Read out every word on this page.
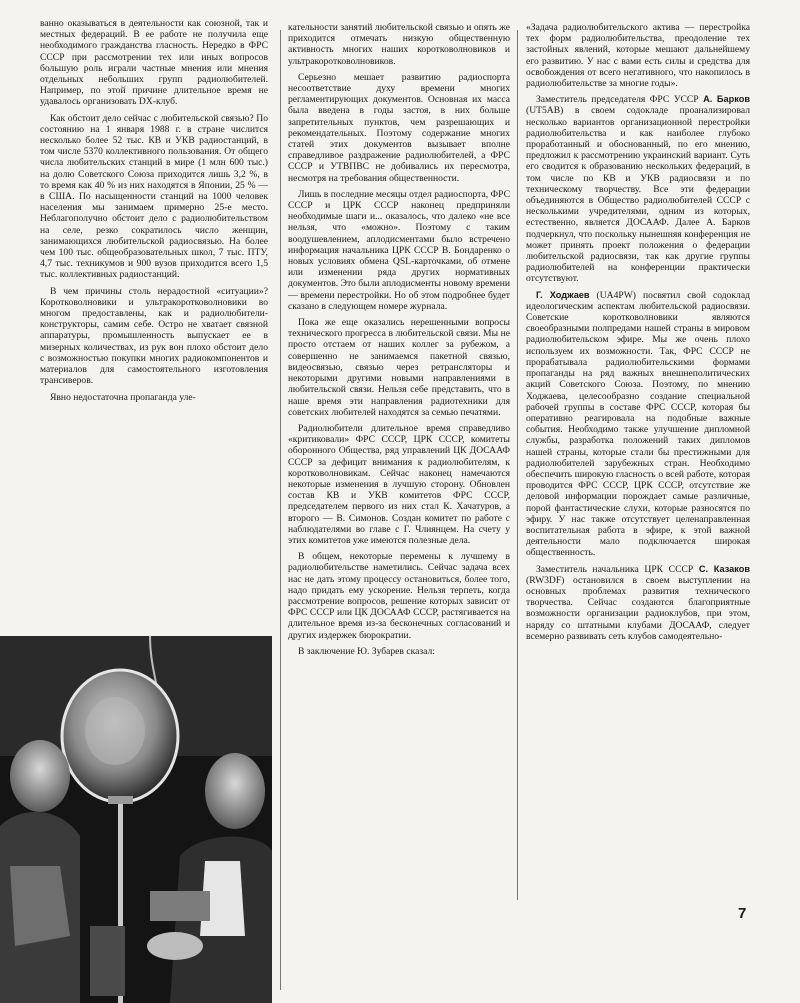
ванно оказываться в деятельности как союзной, так и местных федераций. В ее работе не получила еще необходимого гражданства гласность. Нередко в ФРС СССР при рассмотрении тех или иных вопросов большую роль играли частные мнения или мнения отдельных небольших групп радиолюбителей. Например, по этой причине длительное время не удавалось организовать DX-клуб.

Как обстоит дело сейчас с любительской связью? По состоянию на 1 января 1988 г. в стране числится несколько более 52 тыс. КВ и УКВ радиостанций, в том числе 5370 коллективного пользования. От общего числа любительских станций в мире (1 млн 600 тыс.) на долю Советского Союза приходится лишь 3,2 %, в то время как 40 % из них находятся в Японии, 25 % — в США. По насыщенности станций на 1000 человек населения мы занимаем примерно 25-е место. Неблагополучно обстоит дело с радиолюбительством на селе, резко сократилось число женщин, занимающихся любительской радиосвязью. На более чем 100 тыс. общеобразовательных школ, 7 тыс. ПТУ, 4,7 тыс. техникумов и 900 вузов приходится всего 1,5 тыс. коллективных радиостанций.

В чем причины столь нерадостной «ситуации»? Коротковолновики и ультракоротковолновики во многом предоставлены, как и радиолюбители-конструкторы, самим себе. Остро не хватает связной аппаратуры, промышленность выпускает ее в мизерных количествах, из рук вон плохо обстоит дело с возможностью покупки многих радиокомпонентов и материалов для самостоятельного изготовления трансиверов.

Явно недостаточна пропаганда уле-

кательности занятий любительской связью и опять же приходится отмечать низкую общественную активность многих наших коротковолновиков и ультракоротковолновиков.

Серьезно мешает развитию радиоспорта несоответствие духу времени многих регламентирующих документов. Основная их масса была введена в годы застоя, в них больше запретительных пунктов, чем разрешающих и рекомендательных. Поэтому содержание многих статей этих документов вызывает вполне справедливое раздражение радиолюбителей, а ФРС СССР и УТВПВС не добивались их пересмотра, несмотря на требования общественности.

Лишь в последние месяцы отдел радиоспорта, ФРС СССР и ЦРК СССР наконец предприняли необходимые шаги и... оказалось, что далеко «не все нельзя, что «можно». Поэтому с таким воодушевлением, аплодисментами было встречено информация начальника ЦРК СССР В. Бондаренко о новых условиях обмена QSL-карточками, об отмене или изменении ряда других нормативных документов. Это были аплодисменты новому времени — времени перестройки. Но об этом подробнее будет сказано в следующем номере журнала.

Пока же еще оказались нерешенными вопросы технического прогресса в любительской связи. Мы не просто отстаем от наших коллег за рубежом, а совершенно не занимаемся пакетной связью, видеосвязью, связью через ретрансляторы и некоторыми другими новыми направлениями в любительской связи. Нельзя себе представить, что в наше время эти направления радиотехники для советских любителей находятся за семью печатями.

Радиолюбители длительное время справедливо «критиковали» ФРС СССР, ЦРК СССР, комитеты оборонного Общества, ряд управлений ЦК ДОСААФ СССР за дефицит внимания к радиолюбителям, к коротковолновикам. Сейчас наконец намечаются некоторые изменения в лучшую сторону. Обновлен состав КВ и УКВ комитетов ФРС СССР, председателем первого из них стал К. Хачатуров, а второго — В. Симонов. Создан комитет по работе с наблюдателями во главе с Г. Члиянцем. На счету у этих комитетов уже имеются полезные дела.

В общем, некоторые перемены к лучшему в радиолюбительстве наметились. Сейчас задача всех нас не дать этому процессу остановиться, более того, надо придать ему ускорение. Нельзя терпеть, когда рассмотрение вопросов, решение которых зависит от ФРС СССР или ЦК ДОСААФ СССР, растягивается на длительное время из-за бесконечных согласований и других издержек бюрократии.

В заключение Ю. Зубарев сказал:

«Задача радиолюбительского актива — перестройка тех форм радиолюбительства, преодоление тех застойных явлений, которые мешают дальнейшему его развитию. У нас с вами есть силы и средства для освобождения от всего негативного, что накопилось в радиолюбительстве за многие годы».

Заместитель председателя ФРС УССР А. Барков (UT5AB) в своем содокладе проанализировал несколько вариантов организационной перестройки радиолюбительства и как наиболее глубоко проработанный и обоснованный, по его мнению, предложил к рассмотрению украинский вариант. Суть его сводится к образованию нескольких федераций, в том числе по КВ и УКВ радиосвязи и по техническому творчеству. Все эти федерации объединяются в Общество радиолюбителей СССР с несколькими учредителями, одним из которых, естественно, является ДОСААФ. Далее А. Барков подчеркнул, что поскольку нынешняя конференция не может принять проект положения о федерации любительской радиосвязи, так как другие группы радиолюбителей на конференции практически отсутствуют.

Г. Ходжаев (UA4PW) посвятил свой содоклад идеологическим аспектам любительской радиосвязи. Советские коротковолновики являются своеобразными полпредами нашей страны в мировом радиолюбительском эфире. Мы же очень плохо используем их возможности. Так, ФРС СССР не прорабатывала радиолюбительскими формами пропаганды на ряд важных внешнеполитических акций Советского Союза. Поэтому, по мнению Ходжаева, целесообразно создание специальной рабочей группы в составе ФРС СССР, которая бы оперативно реагировала на подобные важные события. Необходимо также улучшение дипломной службы, разработка положений таких дипломов нашей страны, которые стали бы престижными для радиолюбителей зарубежных стран. Необходимо обеспечить широкую гласность о всей работе, которая проводится ФРС СССР, ЦРК СССР, отсутствие же деловой информации порождает самые различные, порой фантастические слухи, которые разносятся по эфиру. У нас также отсутствует целенаправленная воспитательная работа в эфире, к этой важной деятельности мало подключается широкая общественность.

Заместитель начальника ЦРК СССР С. Казаков (RW3DF) остановился в своем выступлении на основных проблемах развития технического творчества. Сейчас создаются благоприятные возможности организации радиоклубов, при этом, наряду со штатными клубами ДОСААФ, следует всемерно развивать сеть клубов самодеятельно-

7
